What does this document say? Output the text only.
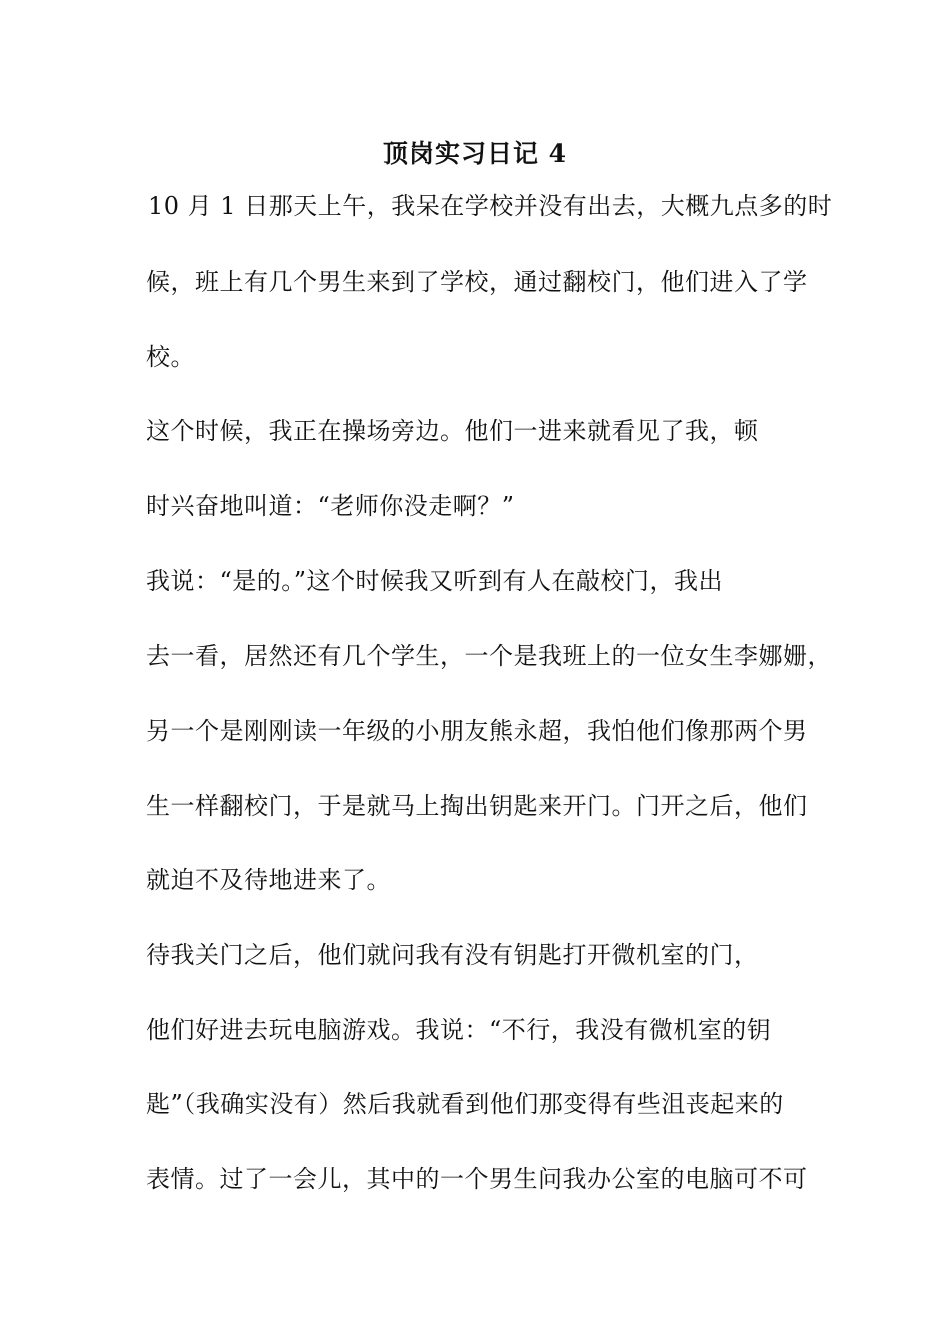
顶岗实习日记 4
10 月 1 日那天上午，我呆在学校并没有出去，大概九点多的时
候，班上有几个男生来到了学校，通过翻校门，他们进入了学
校。
这个时候，我正在操场旁边。他们一进来就看见了我，顿
时兴奋地叫道：“老师你没走啊？”
我说：“是的。”这个时候我又听到有人在敲校门，我出
去一看，居然还有几个学生，一个是我班上的一位女生李娜姗，
另一个是刚刚读一年级的小朋友熊永超，我怕他们像那两个男
生一样翻校门，于是就马上掏出钥匙来开门。门开之后，他们
就迫不及待地进来了。
待我关门之后，他们就问我有没有钥匙打开微机室的门，
他们好进去玩电脑游戏。我说：“不行，我没有微机室的钥
匙”（我确实没有）然后我就看到他们那变得有些沮丧起来的
表情。过了一会儿，其中的一个男生问我办公室的电脑可不可
